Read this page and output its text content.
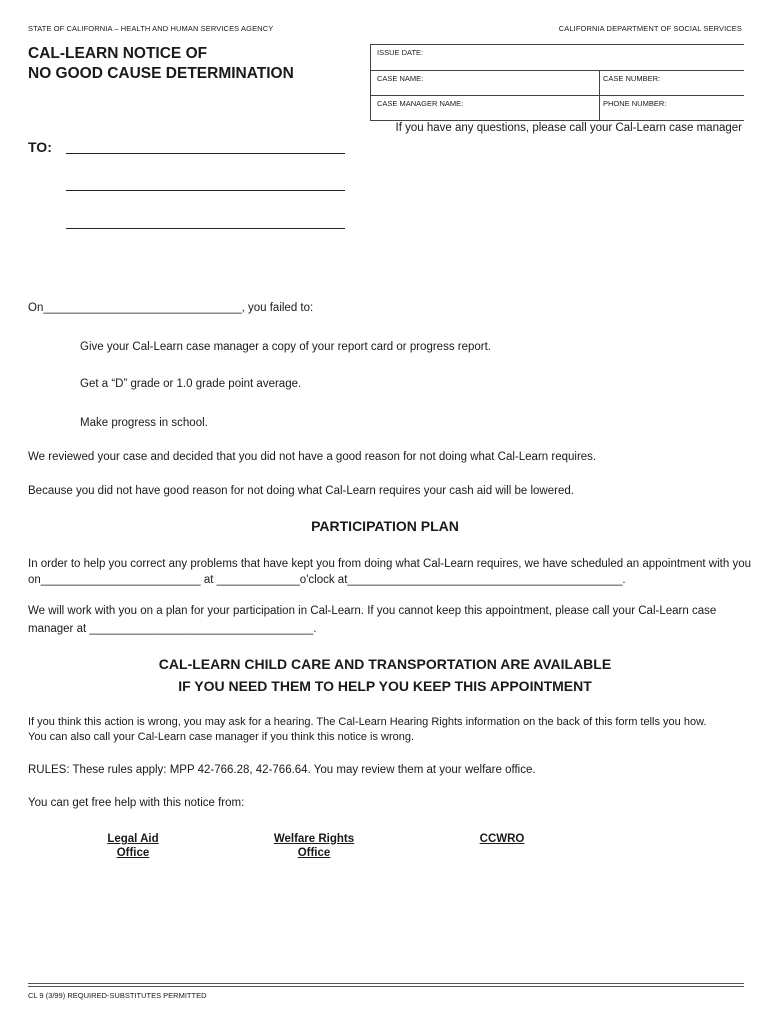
STATE OF CALIFORNIA – HEALTH AND HUMAN SERVICES AGENCY	CALIFORNIA DEPARTMENT OF SOCIAL SERVICES
CAL-LEARN NOTICE OF
NO GOOD CAUSE DETERMINATION
ISSUE DATE:
CASE NAME:	CASE NUMBER:
CASE MANAGER NAME:	PHONE NUMBER:
If you have any questions, please call your Cal-Learn case manager
TO:
On_______________________________, you failed to:
Give your Cal-Learn case manager a copy of your report card or progress report.
Get a “D” grade or 1.0 grade point average.
Make progress in school.
We reviewed your case and decided that you did not have a good reason for not doing what Cal-Learn requires.
Because you did not have good reason for not doing what Cal-Learn requires your cash aid will be lowered.
PARTICIPATION PLAN
In order to help you correct any problems that have kept you from doing what Cal-Learn requires, we have scheduled an appointment with you
on_________________________ at _____________o'clock at___________________________________________.
We will work with you on a plan for your participation in Cal-Learn. If you cannot keep this appointment, please call your Cal-Learn case
manager at ___________________________________.
CAL-LEARN CHILD CARE AND TRANSPORTATION ARE AVAILABLE
IF YOU NEED THEM TO HELP YOU KEEP THIS APPOINTMENT
If you think this action is wrong, you may ask for a hearing. The Cal-Learn Hearing Rights information on the back of this form tells you how.
You can also call your Cal-Learn case manager if you think this notice is wrong.
RULES: These rules apply: MPP 42-766.28, 42-766.64. You may review them at your welfare office.
You can get free help with this notice from:
Legal Aid
Office
Welfare Rights
Office
CCWRO
CL 9 (3/99) REQUIRED-SUBSTITUTES PERMITTED
